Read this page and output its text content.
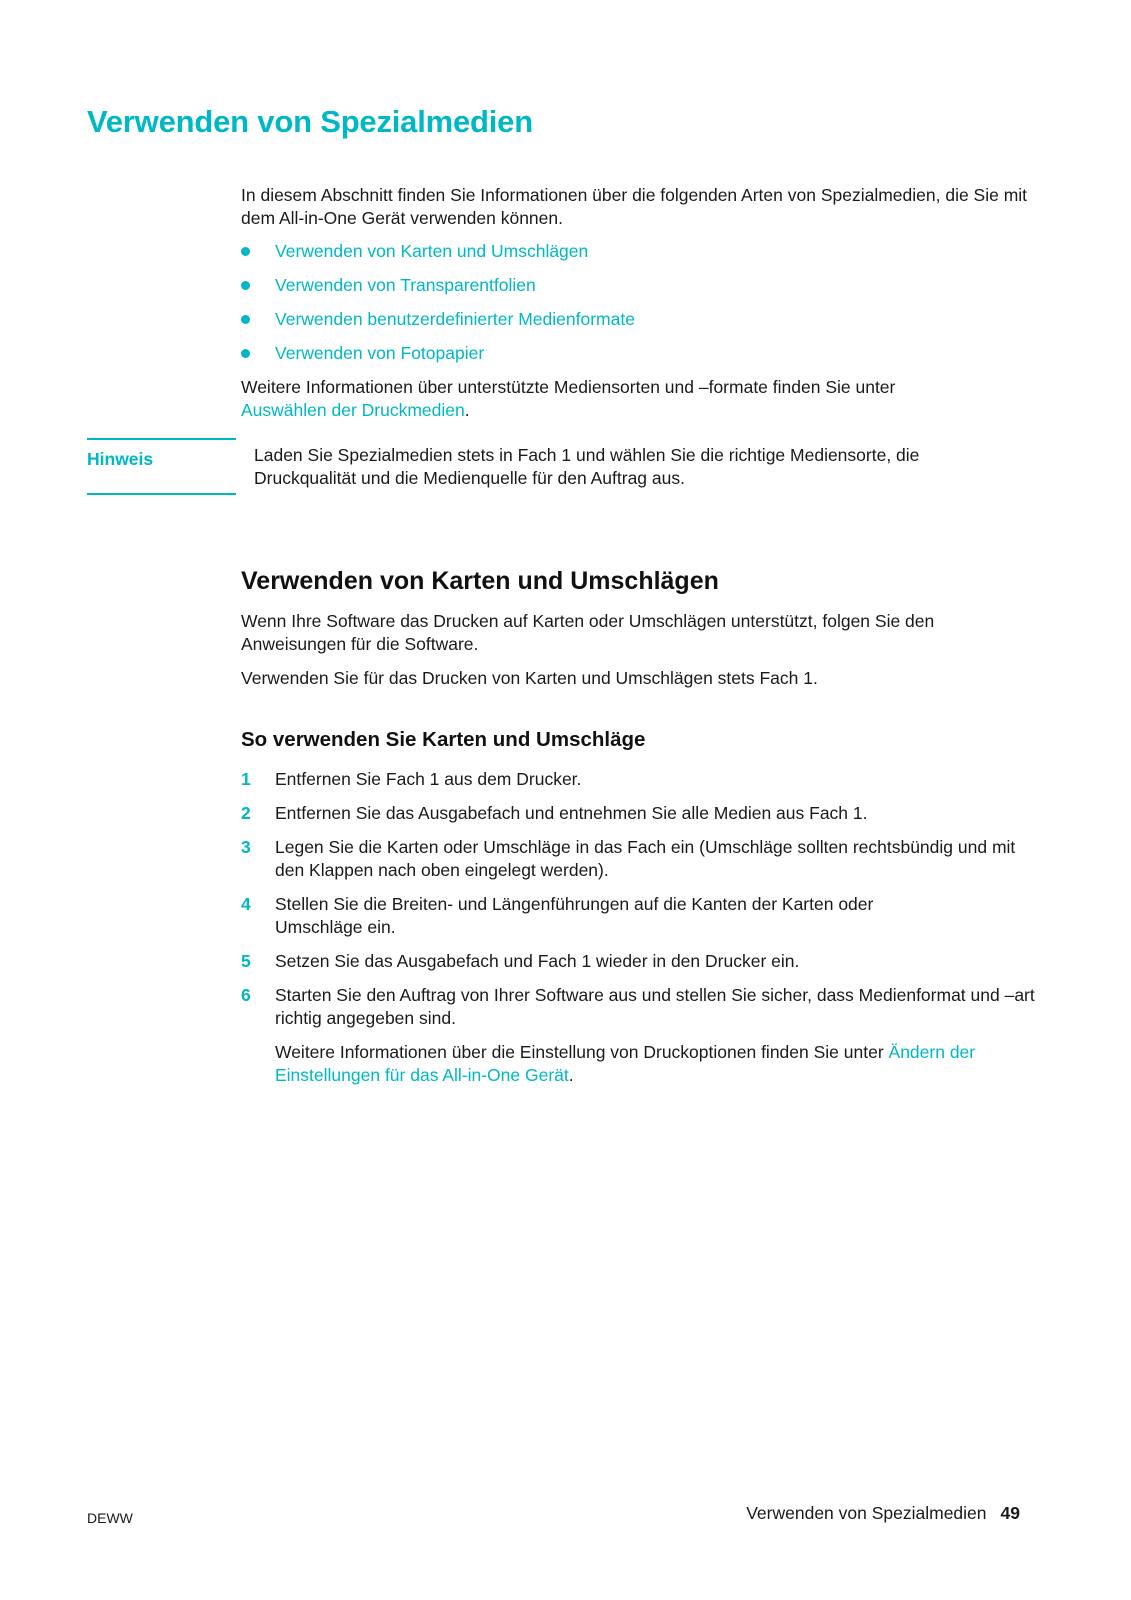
Verwenden von Spezialmedien

In diesem Abschnitt finden Sie Informationen über die folgenden Arten von Spezialmedien, die Sie mit dem All-in-One Gerät verwenden können.

Verwenden von Karten und Umschlägen
Verwenden von Transparentfolien
Verwenden benutzerdefinierter Medienformate
Verwenden von Fotopapier

Weitere Informationen über unterstützte Mediensorten und –formate finden Sie unter
Auswählen der Druckmedien.

Hinweis	Laden Sie Spezialmedien stets in Fach 1 und wählen Sie die richtige Mediensorte, die Druckqualität und die Medienquelle für den Auftrag aus.

Verwenden von Karten und Umschlägen

Wenn Ihre Software das Drucken auf Karten oder Umschlägen unterstützt, folgen Sie den Anweisungen für die Software.

Verwenden Sie für das Drucken von Karten und Umschlägen stets Fach 1.

So verwenden Sie Karten und Umschläge
1 Entfernen Sie Fach 1 aus dem Drucker.
2 Entfernen Sie das Ausgabefach und entnehmen Sie alle Medien aus Fach 1.
3 Legen Sie die Karten oder Umschläge in das Fach ein (Umschläge sollten rechtsbündig und mit den Klappen nach oben eingelegt werden).
4 Stellen Sie die Breiten- und Längenführungen auf die Kanten der Karten oder Umschläge ein.
5 Setzen Sie das Ausgabefach und Fach 1 wieder in den Drucker ein.
6 Starten Sie den Auftrag von Ihrer Software aus und stellen Sie sicher, dass Medienformat und –art richtig angegeben sind.

Weitere Informationen über die Einstellung von Druckoptionen finden Sie unter Ändern der Einstellungen für das All-in-One Gerät.

DEWW	Verwenden von Spezialmedien 49
